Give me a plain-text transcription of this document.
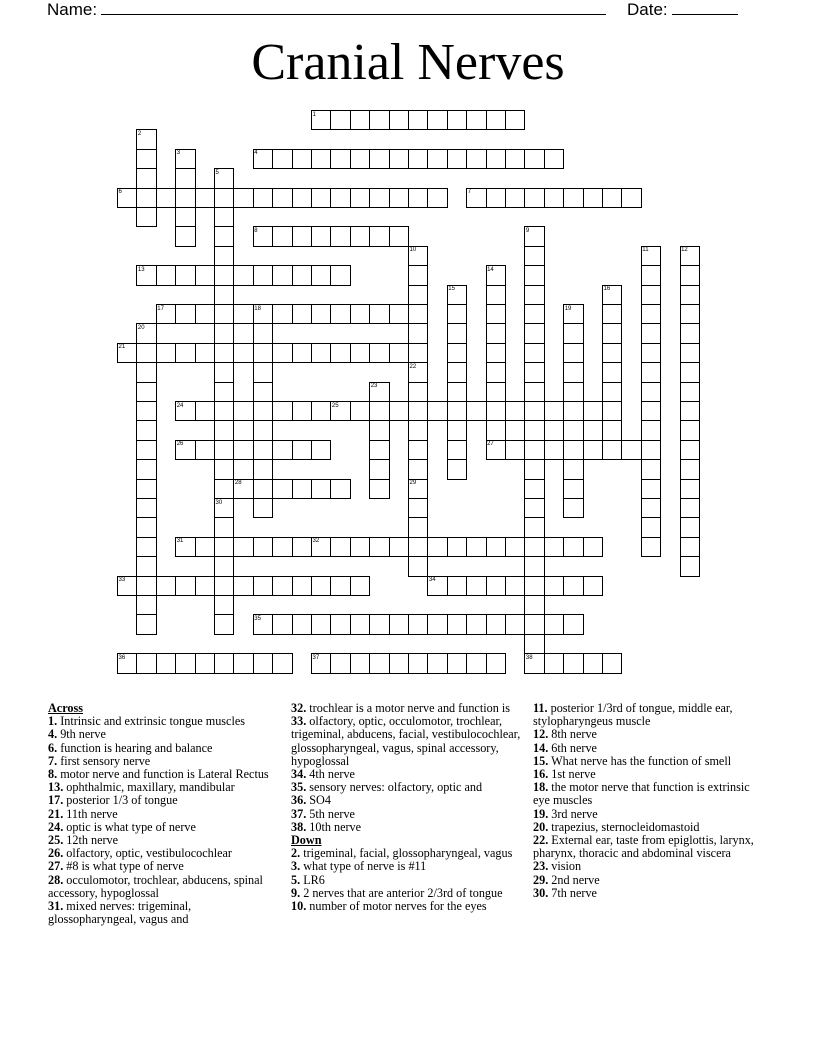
Name:	Date:
Cranial Nerves
1
2
3	4
5
6	7
8	9
10	11	12
13	14
15	16
17	18	19
20
21
22
23
24	25
26	27
28	29
30
31	32
33	34
35
36	37	38
Across
1. Intrinsic and extrinsic tongue muscles
4. 9th nerve
6. function is hearing and balance
7. first sensory nerve
8. motor nerve and function is Lateral Rectus
13. ophthalmic, maxillary, mandibular
17. posterior 1/3 of tongue
21. 11th nerve
24. optic is what type of nerve
25. 12th nerve
26. olfactory, optic, vestibulocochlear
27. #8 is what type of nerve
28. occulomotor, trochlear, abducens, spinal accessory, hypoglossal
31. mixed nerves: trigeminal, glossopharyngeal, vagus and
32. trochlear is a motor nerve and function is
33. olfactory, optic, occulomotor, trochlear, trigeminal, abducens, facial, vestibulocochlear, glossopharyngeal, vagus, spinal accessory, hypoglossal
34. 4th nerve
35. sensory nerves: olfactory, optic and
36. SO4
37. 5th nerve
38. 10th nerve
Down
2. trigeminal, facial, glossopharyngeal, vagus
3. what type of nerve is #11
5. LR6
9. 2 nerves that are anterior 2/3rd of tongue
10. number of motor nerves for the eyes
11. posterior 1/3rd of tongue, middle ear, stylopharyngeus muscle
12. 8th nerve
14. 6th nerve
15. What nerve has the function of smell
16. 1st nerve
18. the motor nerve that function is extrinsic eye muscles
19. 3rd nerve
20. trapezius, sternocleidomastoid
22. External ear, taste from epiglottis, larynx, pharynx, thoracic and abdominal viscera
23. vision
29. 2nd nerve
30. 7th nerve
